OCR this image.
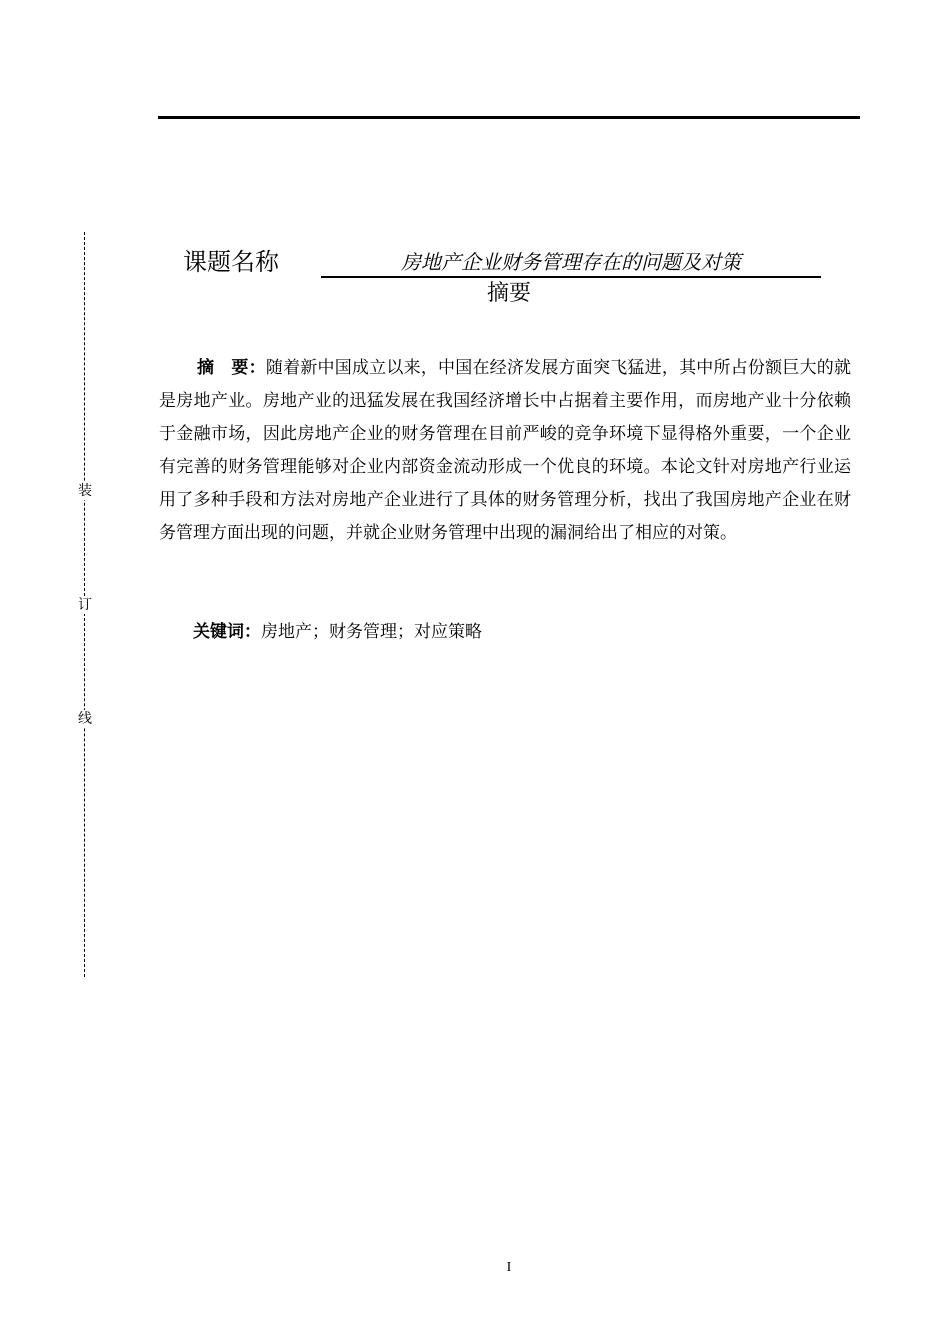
装
订
线
课题名称	房地产企业财务管理存在的问题及对策
摘要

摘　要：随着新中国成立以来，中国在经济发展方面突飞猛进，其中所占份额巨大的就是房地产业。房地产业的迅猛发展在我国经济增长中占据着主要作用，而房地产业十分依赖于金融市场，因此房地产企业的财务管理在目前严峻的竞争环境下显得格外重要，一个企业有完善的财务管理能够对企业内部资金流动形成一个优良的环境。本论文针对房地产行业运用了多种手段和方法对房地产企业进行了具体的财务管理分析，找出了我国房地产企业在财务管理方面出现的问题，并就企业财务管理中出现的漏洞给出了相应的对策。

关键词：房地产；财务管理；对应策略
I
